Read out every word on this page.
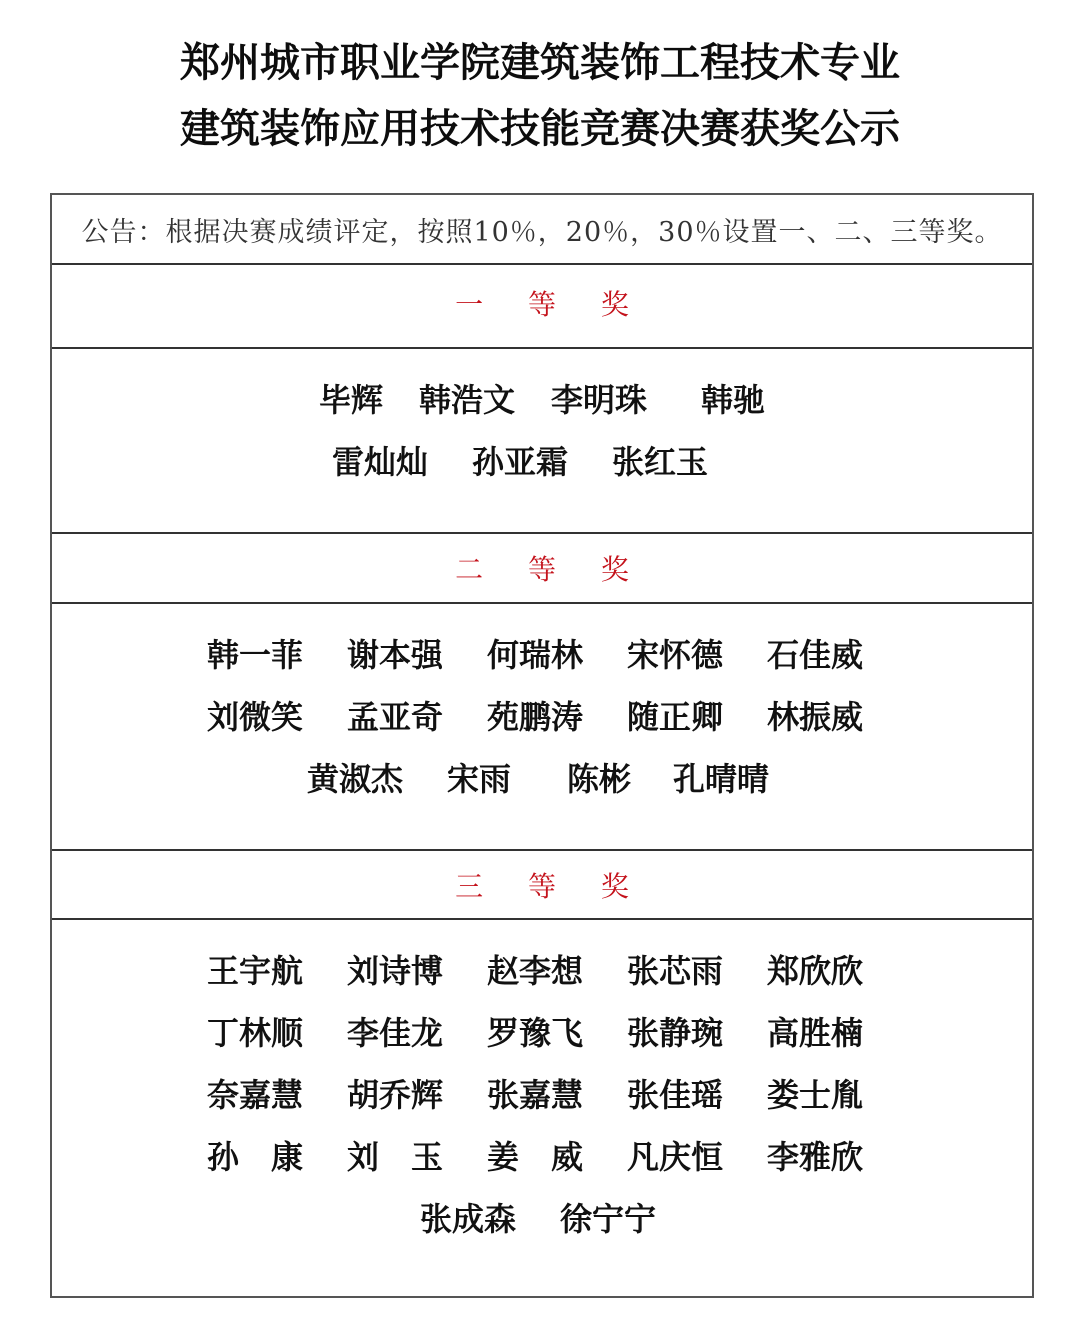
郑州城市职业学院建筑装饰工程技术专业
建筑装饰应用技术技能竞赛决赛获奖公示
公告：根据决赛成绩评定，按照10％，20％，30％设置一、二、三等奖。
一 等 奖
毕辉 韩浩文 李明珠 韩驰
雷灿灿	孙亚霜	张红玉
二 等 奖
韩一菲	谢本强	何瑞林	宋怀德	石佳威
刘微笑	孟亚奇	苑鹏涛	随正卿	林振威
黄淑杰	宋雨	陈彬	孔晴晴
三 等 奖
王宇航	刘诗博	赵李想	张芯雨	郑欣欣
丁林顺	李佳龙	罗豫飞	张静琬	高胜楠
奈嘉慧	胡乔辉	张嘉慧	张佳瑶	娄士胤
孙　康	刘　玉	姜　威	凡庆恒	李雅欣
张成森	徐宁宁
